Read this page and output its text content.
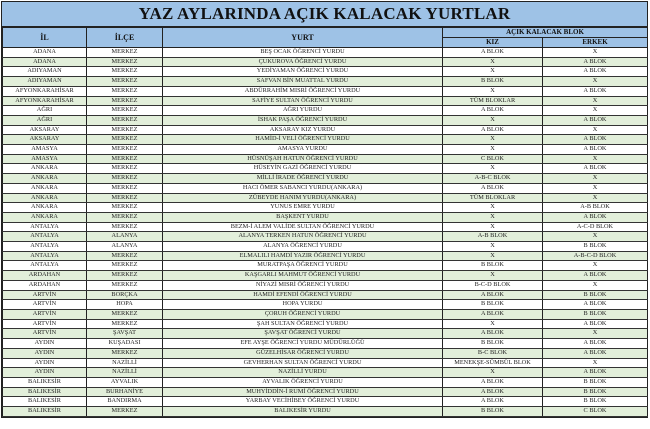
YAZ AYLARINDA AÇIK KALACAK YURTLAR
İL	İLÇE	YURT	AÇIK KALACAK BLOK	
			KIZ	ERKEK
ADANA	MERKEZ	BEŞ OCAK ÖĞRENCİ YURDU	A BLOK	X
ADANA	MERKEZ	ÇUKUROVA ÖĞRENCİ YURDU	X	A BLOK
ADIYAMAN	MERKEZ	YEDİYAMAN ÖĞRENCİ YURDU	X	A BLOK
ADIYAMAN	MERKEZ	SAFVAN BİN MUATTAL YURDU	B BLOK	X
AFYONKARAHİSAR	MERKEZ	ABDÜRRAHİM MISRİ ÖĞRENCİ YURDU	X	A BLOK
AFYONKARAHİSAR	MERKEZ	SAFİYE SULTAN ÖĞRENCİ YURDU	TÜM BLOKLAR	X
AĞRI	MERKEZ	AĞRI YURDU	A BLOK	X
AĞRI	MERKEZ	İSHAK PAŞA ÖĞRENCİ YURDU	X	A BLOK
AKSARAY	MERKEZ	AKSARAY KIZ YURDU	A BLOK	X
AKSARAY	MERKEZ	HAMİD-İ VELİ ÖĞRENCİ YURDU	X	A BLOK
AMASYA	MERKEZ	AMASYA YURDU	X	A BLOK
AMASYA	MERKEZ	HÜSNÜŞAH HATUN ÖĞRENCİ YURDU	C BLOK	X
ANKARA	MERKEZ	HÜSEYİN GAZİ ÖĞRENCİ YURDU	X	A BLOK
ANKARA	MERKEZ	MİLLİ İRADE ÖĞRENCİ YURDU	A-B-C BLOK	X
ANKARA	MERKEZ	HACI ÖMER SABANCI YURDU(ANKARA)	A BLOK	X
ANKARA	MERKEZ	ZÜBEYDE HANIM YURDU(ANKARA)	TÜM BLOKLAR	X
ANKARA	MERKEZ	YUNUS EMRE YURDU	X	A-B BLOK
ANKARA	MERKEZ	BAŞKENT YURDU	X	A BLOK
ANTALYA	MERKEZ	BEZM-İ ALEM VALİDE SULTAN ÖĞRENCİ YURDU	X	A-C-D BLOK
ANTALYA	ALANYA	ALANYA TERKEN HATUN ÖĞRENCİ YURDU	A-B BLOK	X
ANTALYA	ALANYA	ALANYA ÖĞRENCİ YURDU	X	B BLOK
ANTALYA	MERKEZ	ELMALILI HAMDİ YAZIR ÖĞRENCİ YURDU	X	A-B-C-D BLOK
ANTALYA	MERKEZ	MURATPAŞA ÖĞRENCİ YURDU	B BLOK	X
ARDAHAN	MERKEZ	KAŞGARLI MAHMUT ÖĞRENCİ YURDU	X	A BLOK
ARDAHAN	MERKEZ	NİYAZİ MISRİ ÖĞRENCİ YURDU	B-C-D BLOK	X
ARTVİN	BORÇKA	HAMDİ EFENDİ ÖĞRENCİ YURDU	A BLOK	B BLOK
ARTVİN	HOPA	HOPA YURDU	B BLOK	A BLOK
ARTVİN	MERKEZ	ÇORUH ÖĞRENCİ YURDU	A BLOK	B BLOK
ARTVİN	MERKEZ	ŞAH SULTAN ÖĞRENCİ YURDU	X	A BLOK
ARTVİN	ŞAVŞAT	ŞAVŞAT ÖĞRENCİ YURDU	A BLOK	X
AYDIN	KUŞADASI	EFE AYŞE ÖĞRENCİ YURDU MÜDÜRLÜĞÜ	B BLOK	A BLOK
AYDIN	MERKEZ	GÜZELHİSAR ÖĞRENCİ YURDU	B-C BLOK	A BLOK
AYDIN	NAZİLLİ	GEVHERHAN SULTAN ÖĞRENCİ YURDU	MENEKŞE-SÜMBÜL BLOK	X
AYDIN	NAZİLLİ	NAZİLLİ YURDU	X	A BLOK
BALIKESİR	AYVALIK	AYVALIK ÖĞRENCİ YURDU	A BLOK	B BLOK
BALIKESİR	BURHANİYE	MUHYİDDİN-İ RUMİ ÖĞRENCİ YURDU	A BLOK	B BLOK
BALIKESİR	BANDIRMA	YARBAY VECİHİBEY ÖĞRENCİ YURDU	A BLOK	B BLOK
BALIKESİR	MERKEZ	BALIKESİR YURDU	B BLOK	C BLOK
